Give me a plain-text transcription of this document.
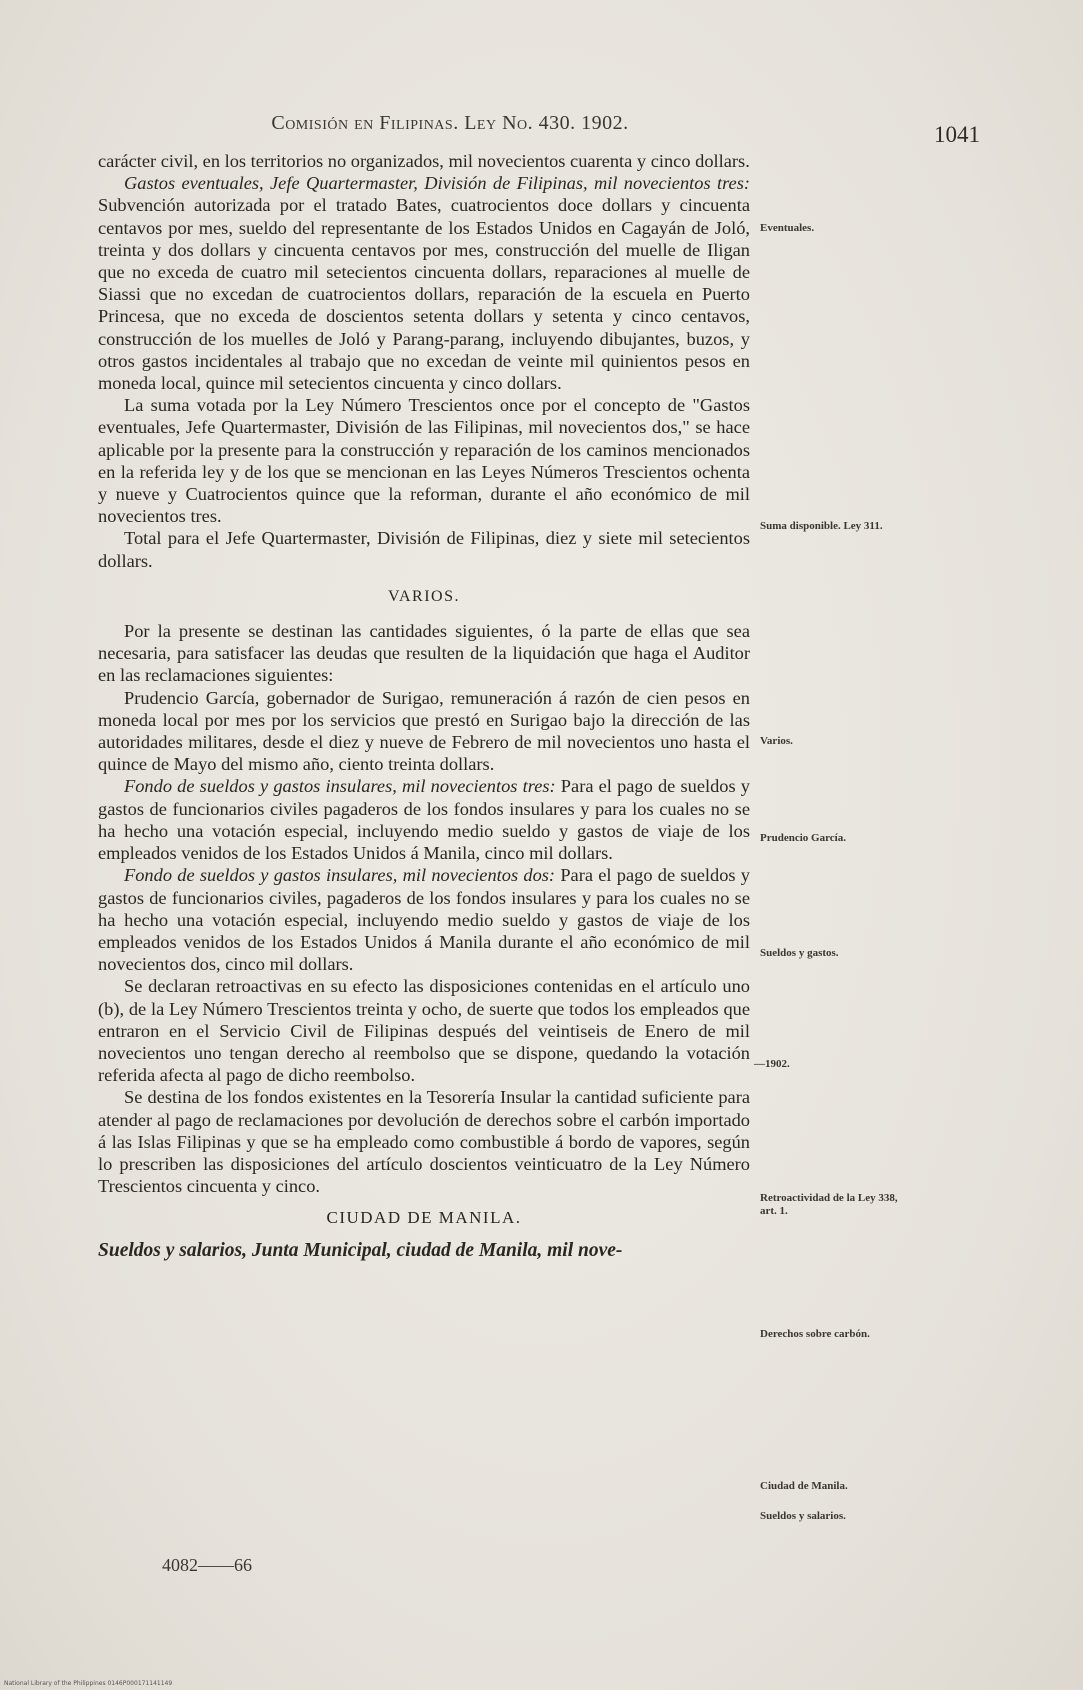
Comisión en Filipinas. Ley No. 430. 1902.	1041

carácter civil, en los territorios no organizados, mil novecientos cuarenta y cinco dollars.

Gastos eventuales, Jefe Quartermaster, División de Filipinas, mil novecientos tres: Subvención autorizada por el tratado Bates, cuatrocientos doce dollars y cincuenta centavos por mes, sueldo del representante de los Estados Unidos en Cagayán de Joló, treinta y dos dollars y cincuenta centavos por mes, construcción del muelle de Iligan que no exceda de cuatro mil setecientos cincuenta dollars, reparaciones al muelle de Siassi que no excedan de cuatrocientos dollars, reparación de la escuela en Puerto Princesa, que no exceda de doscientos setenta dollars y setenta y cinco centavos, construcción de los muelles de Joló y Parang-parang, incluyendo dibujantes, buzos, y otros gastos incidentales al trabajo que no excedan de veinte mil quinientos pesos en moneda local, quince mil setecientos cincuenta y cinco dollars.

La suma votada por la Ley Número Trescientos once por el concepto de "Gastos eventuales, Jefe Quartermaster, División de las Filipinas, mil novecientos dos," se hace aplicable por la presente para la construcción y reparación de los caminos mencionados en la referida ley y de los que se mencionan en las Leyes Números Trescientos ochenta y nueve y Cuatrocientos quince que la reforman, durante el año económico de mil novecientos tres.

Total para el Jefe Quartermaster, División de Filipinas, diez y siete mil setecientos dollars.

VARIOS.

Por la presente se destinan las cantidades siguientes, ó la parte de ellas que sea necesaria, para satisfacer las deudas que resulten de la liquidación que haga el Auditor en las reclamaciones siguientes:

Prudencio García, gobernador de Surigao, remuneración á razón de cien pesos en moneda local por mes por los servicios que prestó en Surigao bajo la dirección de las autoridades militares, desde el diez y nueve de Febrero de mil novecientos uno hasta el quince de Mayo del mismo año, ciento treinta dollars.

Fondo de sueldos y gastos insulares, mil novecientos tres: Para el pago de sueldos y gastos de funcionarios civiles pagaderos de los fondos insulares y para los cuales no se ha hecho una votación especial, incluyendo medio sueldo y gastos de viaje de los empleados venidos de los Estados Unidos á Manila, cinco mil dollars.

Fondo de sueldos y gastos insulares, mil novecientos dos: Para el pago de sueldos y gastos de funcionarios civiles, pagaderos de los fondos insulares y para los cuales no se ha hecho una votación especial, incluyendo medio sueldo y gastos de viaje de los empleados venidos de los Estados Unidos á Manila durante el año económico de mil novecientos dos, cinco mil dollars.

Se declaran retroactivas en su efecto las disposiciones contenidas en el artículo uno (b), de la Ley Número Trescientos treinta y ocho, de suerte que todos los empleados que entraron en el Servicio Civil de Filipinas después del veintiseis de Enero de mil novecientos uno tengan derecho al reembolso que se dispone, quedando la votación referida afecta al pago de dicho reembolso.

Se destina de los fondos existentes en la Tesorería Insular la cantidad suficiente para atender al pago de reclamaciones por devolución de derechos sobre el carbón importado á las Islas Filipinas y que se ha empleado como combustible á bordo de vapores, según lo prescriben las disposiciones del artículo doscientos veinticuatro de la Ley Número Trescientos cincuenta y cinco.

CIUDAD DE MANILA.

Sueldos y salarios, Junta Municipal, ciudad de Manila, mil nove-

Eventuales.
Suma disponible. Ley 311.
Varios.
Prudencio García.
Sueldos y gastos.
—1902.
Retroactividad de la Ley 338, art. 1.
Derechos sobre carbón.
Ciudad de Manila.
Sueldos y salarios.
4082——66
National Library of the Philippines 0146P000171141149
